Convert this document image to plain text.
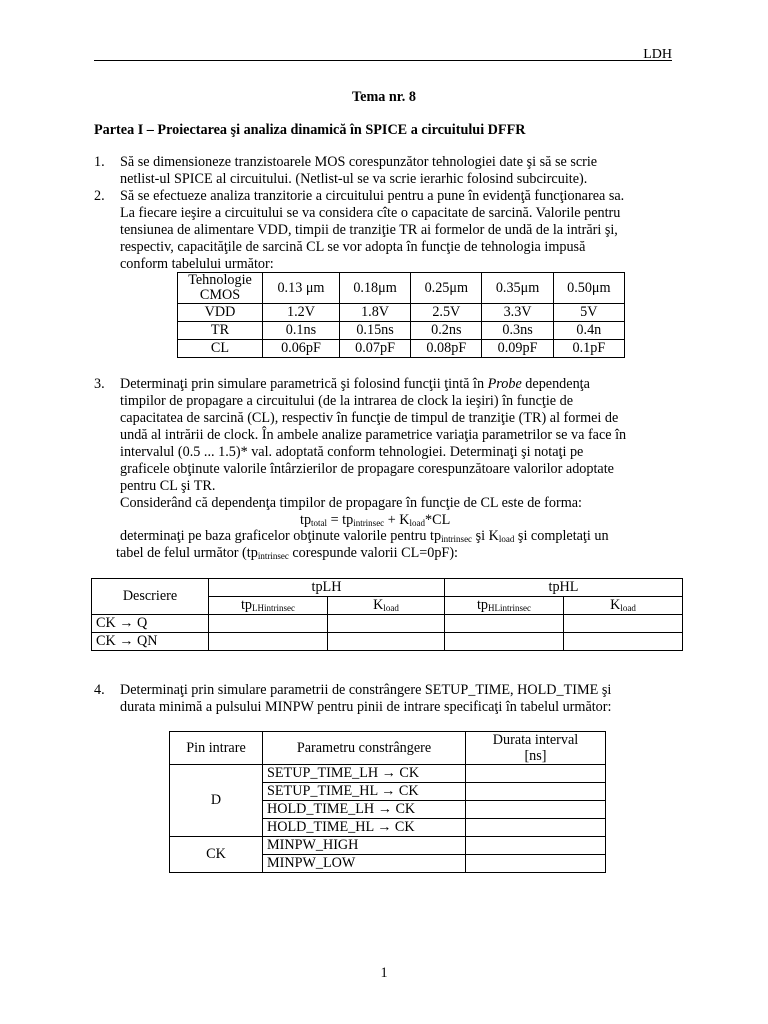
LDH
Tema nr. 8
Partea I – Proiectarea şi analiza dinamică în SPICE a circuitului DFFR
1.	Să se dimensioneze tranzistoarele MOS corespunzător tehnologiei date şi să se scrie
netlist-ul SPICE al circuitului. (Netlist-ul se va scrie ierarhic folosind subcircuite).
2.	Să se efectueze analiza tranzitorie a circuitului pentru a pune în evidenţă funcţionarea sa.
La fiecare ieşire a circuitului se va considera cîte o capacitate de sarcină. Valorile pentru
tensiunea de alimentare VDD, timpii de tranziţie TR ai formelor de undă de la intrări şi,
respectiv, capacităţile de sarcină CL se vor adopta în funcţie de tehnologia impusă
conform tabelului următor:
Tehnologie CMOS	0.13 μm	0.18μm	0.25μm	0.35μm	0.50μm
VDD	1.2V	1.8V	2.5V	3.3V	5V
TR	0.1ns	0.15ns	0.2ns	0.3ns	0.4n
CL	0.06pF	0.07pF	0.08pF	0.09pF	0.1pF
3.	Determinaţi prin simulare parametrică şi folosind funcţii ţintă în Probe dependenţa
timpilor de propagare a circuitului (de la intrarea de clock la ieşiri) în funcţie de
capacitatea de sarcină (CL), respectiv în funcţie de timpul de tranziţie (TR) al formei de
undă al intrării de clock. În ambele analize parametrice variaţia parametrilor se va face în
intervalul (0.5 ... 1.5)* val. adoptată conform tehnologiei. Determinaţi şi notaţi pe
graficele obţinute valorile întârzierilor de propagare corespunzătoare valorilor adoptate
pentru CL şi TR.
Considerând că dependenţa timpilor de propagare în funcţie de CL este de forma:
$tp_{total} = tp_{intrinsec} + K_{load}*CL$
determinaţi pe baza graficelor obţinute valorile pentru $tp_{intrinsec}$ şi $K_{load}$ şi completaţi un
tabel de felul următor ($tp_{intrinsec}$ corespunde valorii CL=0pF):
Descriere	tpLH		tpHL	
	$tp_{LHintrinsec}$	$K_{load}$	$tp_{HLintrinsec}$	$K_{load}$
CK → Q				
CK → QN				
4.	Determinaţi prin simulare parametrii de constrângere SETUP_TIME, HOLD_TIME şi
durata minimă a pulsului MINPW pentru pinii de intrare specificaţi în tabelul următor:
Pin intrare	Parametru constrângere	Durata interval [ns]
D	SETUP_TIME_LH → CK	
	SETUP_TIME_HL → CK	
	HOLD_TIME_LH → CK	
	HOLD_TIME_HL → CK	
CK	MINPW_HIGH	
	MINPW_LOW	
1
